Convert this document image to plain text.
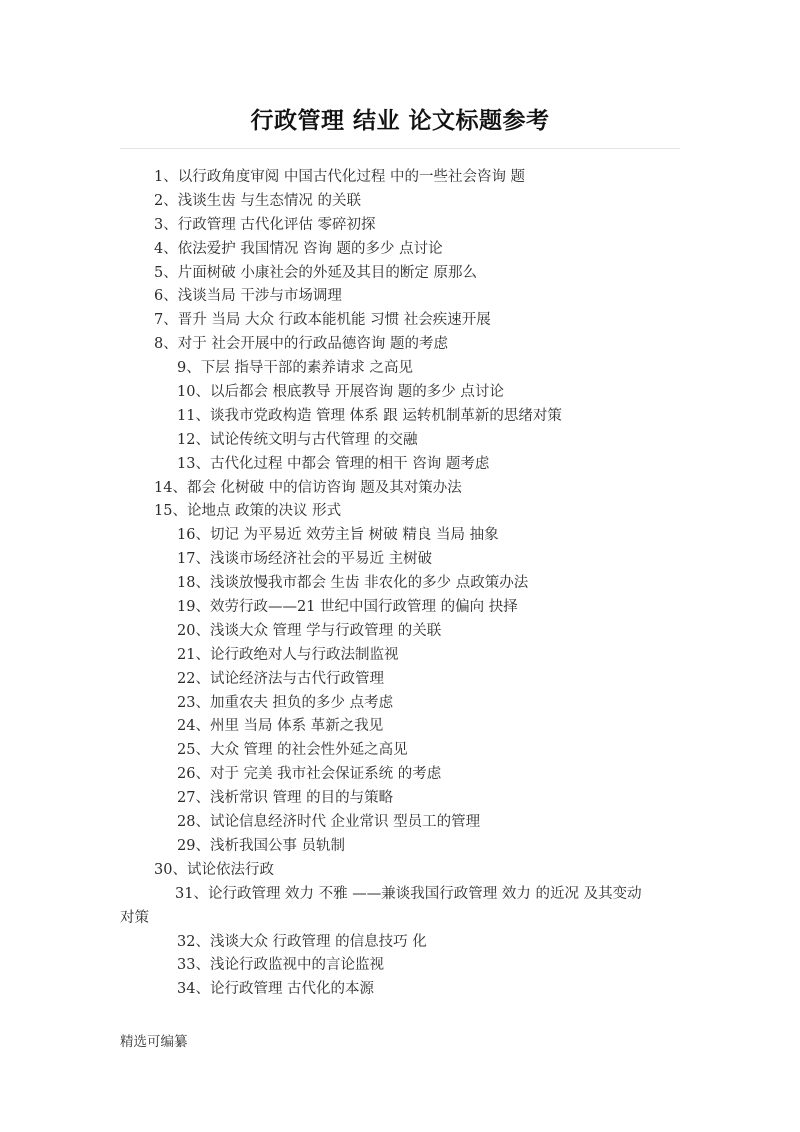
行政管理 结业 论文标题参考
1、以行政角度审阅 中国古代化过程 中的一些社会咨询 题
2、浅谈生齿 与生态情况 的关联
3、行政管理 古代化评估 零碎初探
4、依法爱护 我国情况 咨询 题的多少 点讨论
5、片面树破 小康社会的外延及其目的断定 原那么
6、浅谈当局 干涉与市场调理
7、晋升 当局 大众 行政本能机能 习惯 社会疾速开展
8、对于 社会开展中的行政品德咨询 题的考虑
9、下层 指导干部的素养请求 之高见
10、以后都会 根底教导 开展咨询 题的多少 点讨论
11、谈我市党政构造 管理 体系 跟 运转机制革新的思绪对策
12、试论传统文明与古代管理 的交融
13、古代化过程 中都会 管理的相干 咨询 题考虑
14、都会 化树破 中的信访咨询 题及其对策办法
15、论地点 政策的决议 形式
16、切记 为平易近 效劳主旨 树破 精良 当局 抽象
17、浅谈市场经济社会的平易近 主树破
18、浅谈放慢我市都会 生齿 非农化的多少 点政策办法
19、效劳行政——21 世纪中国行政管理 的偏向 抉择
20、浅谈大众 管理 学与行政管理 的关联
21、论行政绝对人与行政法制监视
22、试论经济法与古代行政管理
23、加重农夫 担负的多少 点考虑
24、州里 当局 体系 革新之我见
25、大众 管理 的社会性外延之高见
26、对于 完美 我市社会保证系统 的考虑
27、浅析常识 管理 的目的与策略
28、试论信息经济时代 企业常识 型员工的管理
29、浅析我国公事 员轨制
30、试论依法行政
31、论行政管理 效力 不雅 ——兼谈我国行政管理 效力 的近况 及其变动
对策
32、浅谈大众 行政管理 的信息技巧 化
33、浅论行政监视中的言论监视
34、论行政管理 古代化的本源
精选可编纂
